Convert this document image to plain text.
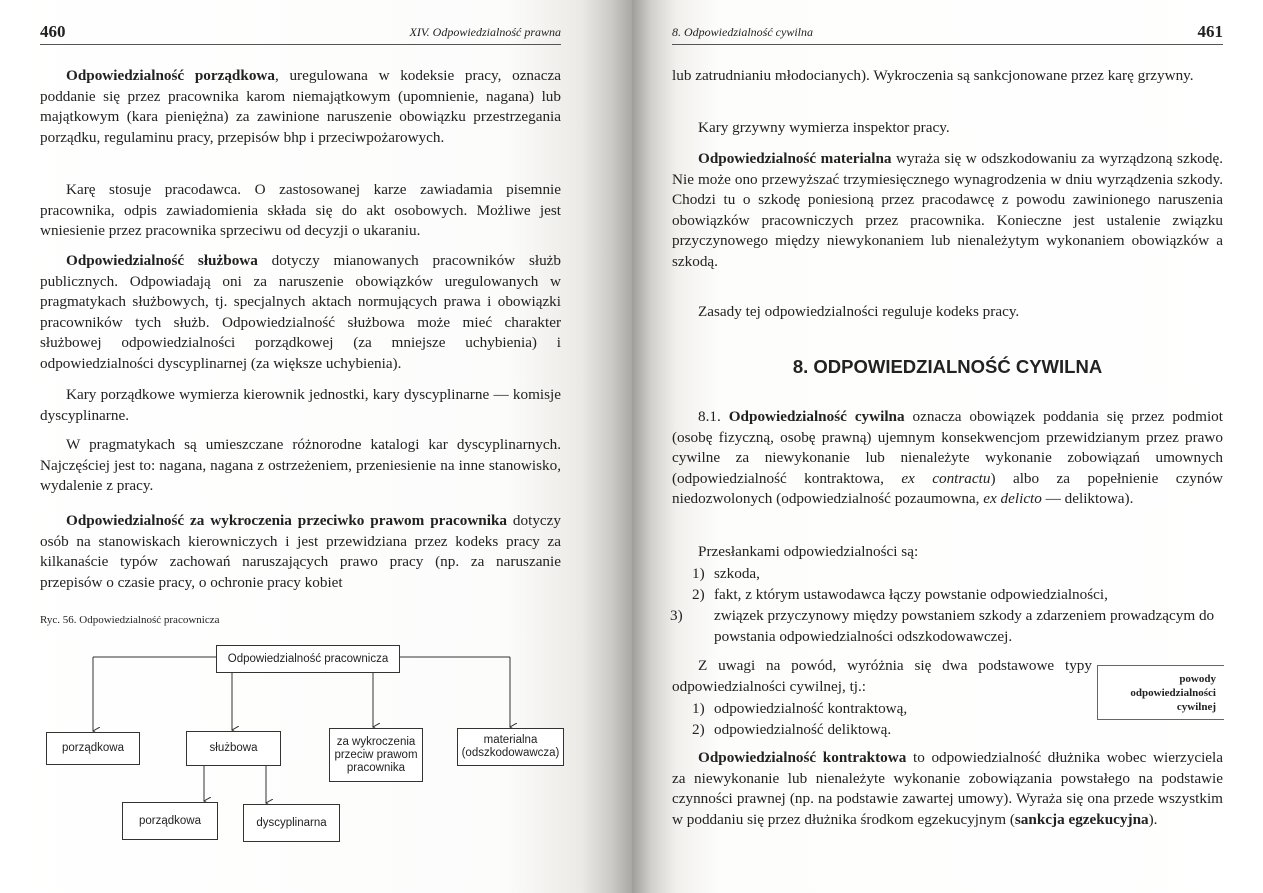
460	XIV. Odpowiedzialność prawna

Odpowiedzialność porządkowa, uregulowana w kodeksie pracy, oznacza poddanie się przez pracownika karom niemajątkowym (upomnienie, nagana) lub majątkowym (kara pieniężna) za zawinione naruszenie obowiązku przestrzegania porządku, regulaminu pracy, przepisów bhp i przeciwpożarowych.

Karę stosuje pracodawca. O zastosowanej karze zawiadamia pisemnie pracownika, odpis zawiadomienia składa się do akt osobowych. Możliwe jest wniesienie przez pracownika sprzeciwu od decyzji o ukaraniu.

Odpowiedzialność służbowa dotyczy mianowanych pracowników służb publicznych. Odpowiadają oni za naruszenie obowiązków uregulowanych w pragmatykach służbowych, tj. specjalnych aktach normujących prawa i obowiązki pracowników tych służb. Odpowiedzialność służbowa może mieć charakter służbowej odpowiedzialności porządkowej (za mniejsze uchybienia) i odpowiedzialności dyscyplinarnej (za większe uchybienia).

Kary porządkowe wymierza kierownik jednostki, kary dyscyplinarne — komisje dyscyplinarne.

W pragmatykach są umieszczane różnorodne katalogi kar dyscyplinarnych. Najczęściej jest to: nagana, nagana z ostrzeżeniem, przeniesienie na inne stanowisko, wydalenie z pracy.

Odpowiedzialność za wykroczenia przeciwko prawom pracownika dotyczy osób na stanowiskach kierowniczych i jest przewidziana przez kodeks pracy za kilkanaście typów zachowań naruszających prawo pracy (np. za naruszanie przepisów o czasie pracy, o ochronie pracy kobiet

Ryc. 56. Odpowiedzialność pracownicza
Odpowiedzialność pracownicza
porządkowa	służbowa
za wykroczenia przeciw prawom pracownika
materialna (odszkodowawcza)
porządkowa	dyscyplinarna
8. Odpowiedzialność cywilna	461

lub zatrudnianiu młodocianych). Wykroczenia są sankcjonowane przez karę grzywny.

Kary grzywny wymierza inspektor pracy.

Odpowiedzialność materialna wyraża się w odszkodowaniu za wyrządzoną szkodę. Nie może ono przewyższać trzymiesięcznego wynagrodzenia w dniu wyrządzenia szkody. Chodzi tu o szkodę poniesioną przez pracodawcę z powodu zawinionego naruszenia obowiązków pracowniczych przez pracownika. Konieczne jest ustalenie związku przyczynowego między niewykonaniem lub nienależytym wykonaniem obowiązków a szkodą.

Zasady tej odpowiedzialności reguluje kodeks pracy.

8. ODPOWIEDZIALNOŚĆ CYWILNA

8.1. Odpowiedzialność cywilna oznacza obowiązek poddania się przez podmiot (osobę fizyczną, osobę prawną) ujemnym konsekwencjom przewidzianym przez prawo cywilne za niewykonanie lub nienależyte wykonanie zobowiązań umownych (odpowiedzialność kontraktowa, ex contractu) albo za popełnienie czynów niedozwolonych (odpowiedzialność pozaumowna, ex delicto — deliktowa).

Przesłankami odpowiedzialności są:

1) szkoda,
2) fakt, z którym ustawodawca łączy powstanie odpowiedzialności,
3) związek przyczynowy między powstaniem szkody a zdarzeniem prowadzącym do powstania odpowiedzialności odszkodowawczej.

Z uwagi na powód, wyróżnia się dwa podstawowe typy odpowiedzialności cywilnej, tj.:

1) odpowiedzialność kontraktową,
2) odpowiedzialność deliktową.
powody odpowiedzialności cywilnej

Odpowiedzialność kontraktowa to odpowiedzialność dłużnika wobec wierzyciela za niewykonanie lub nienależyte wykonanie zobowiązania powstałego na podstawie czynności prawnej (np. na podstawie zawartej umowy). Wyraża się ona przede wszystkim w poddaniu się przez dłużnika środkom egzekucyjnym (sankcja egzekucyjna).
